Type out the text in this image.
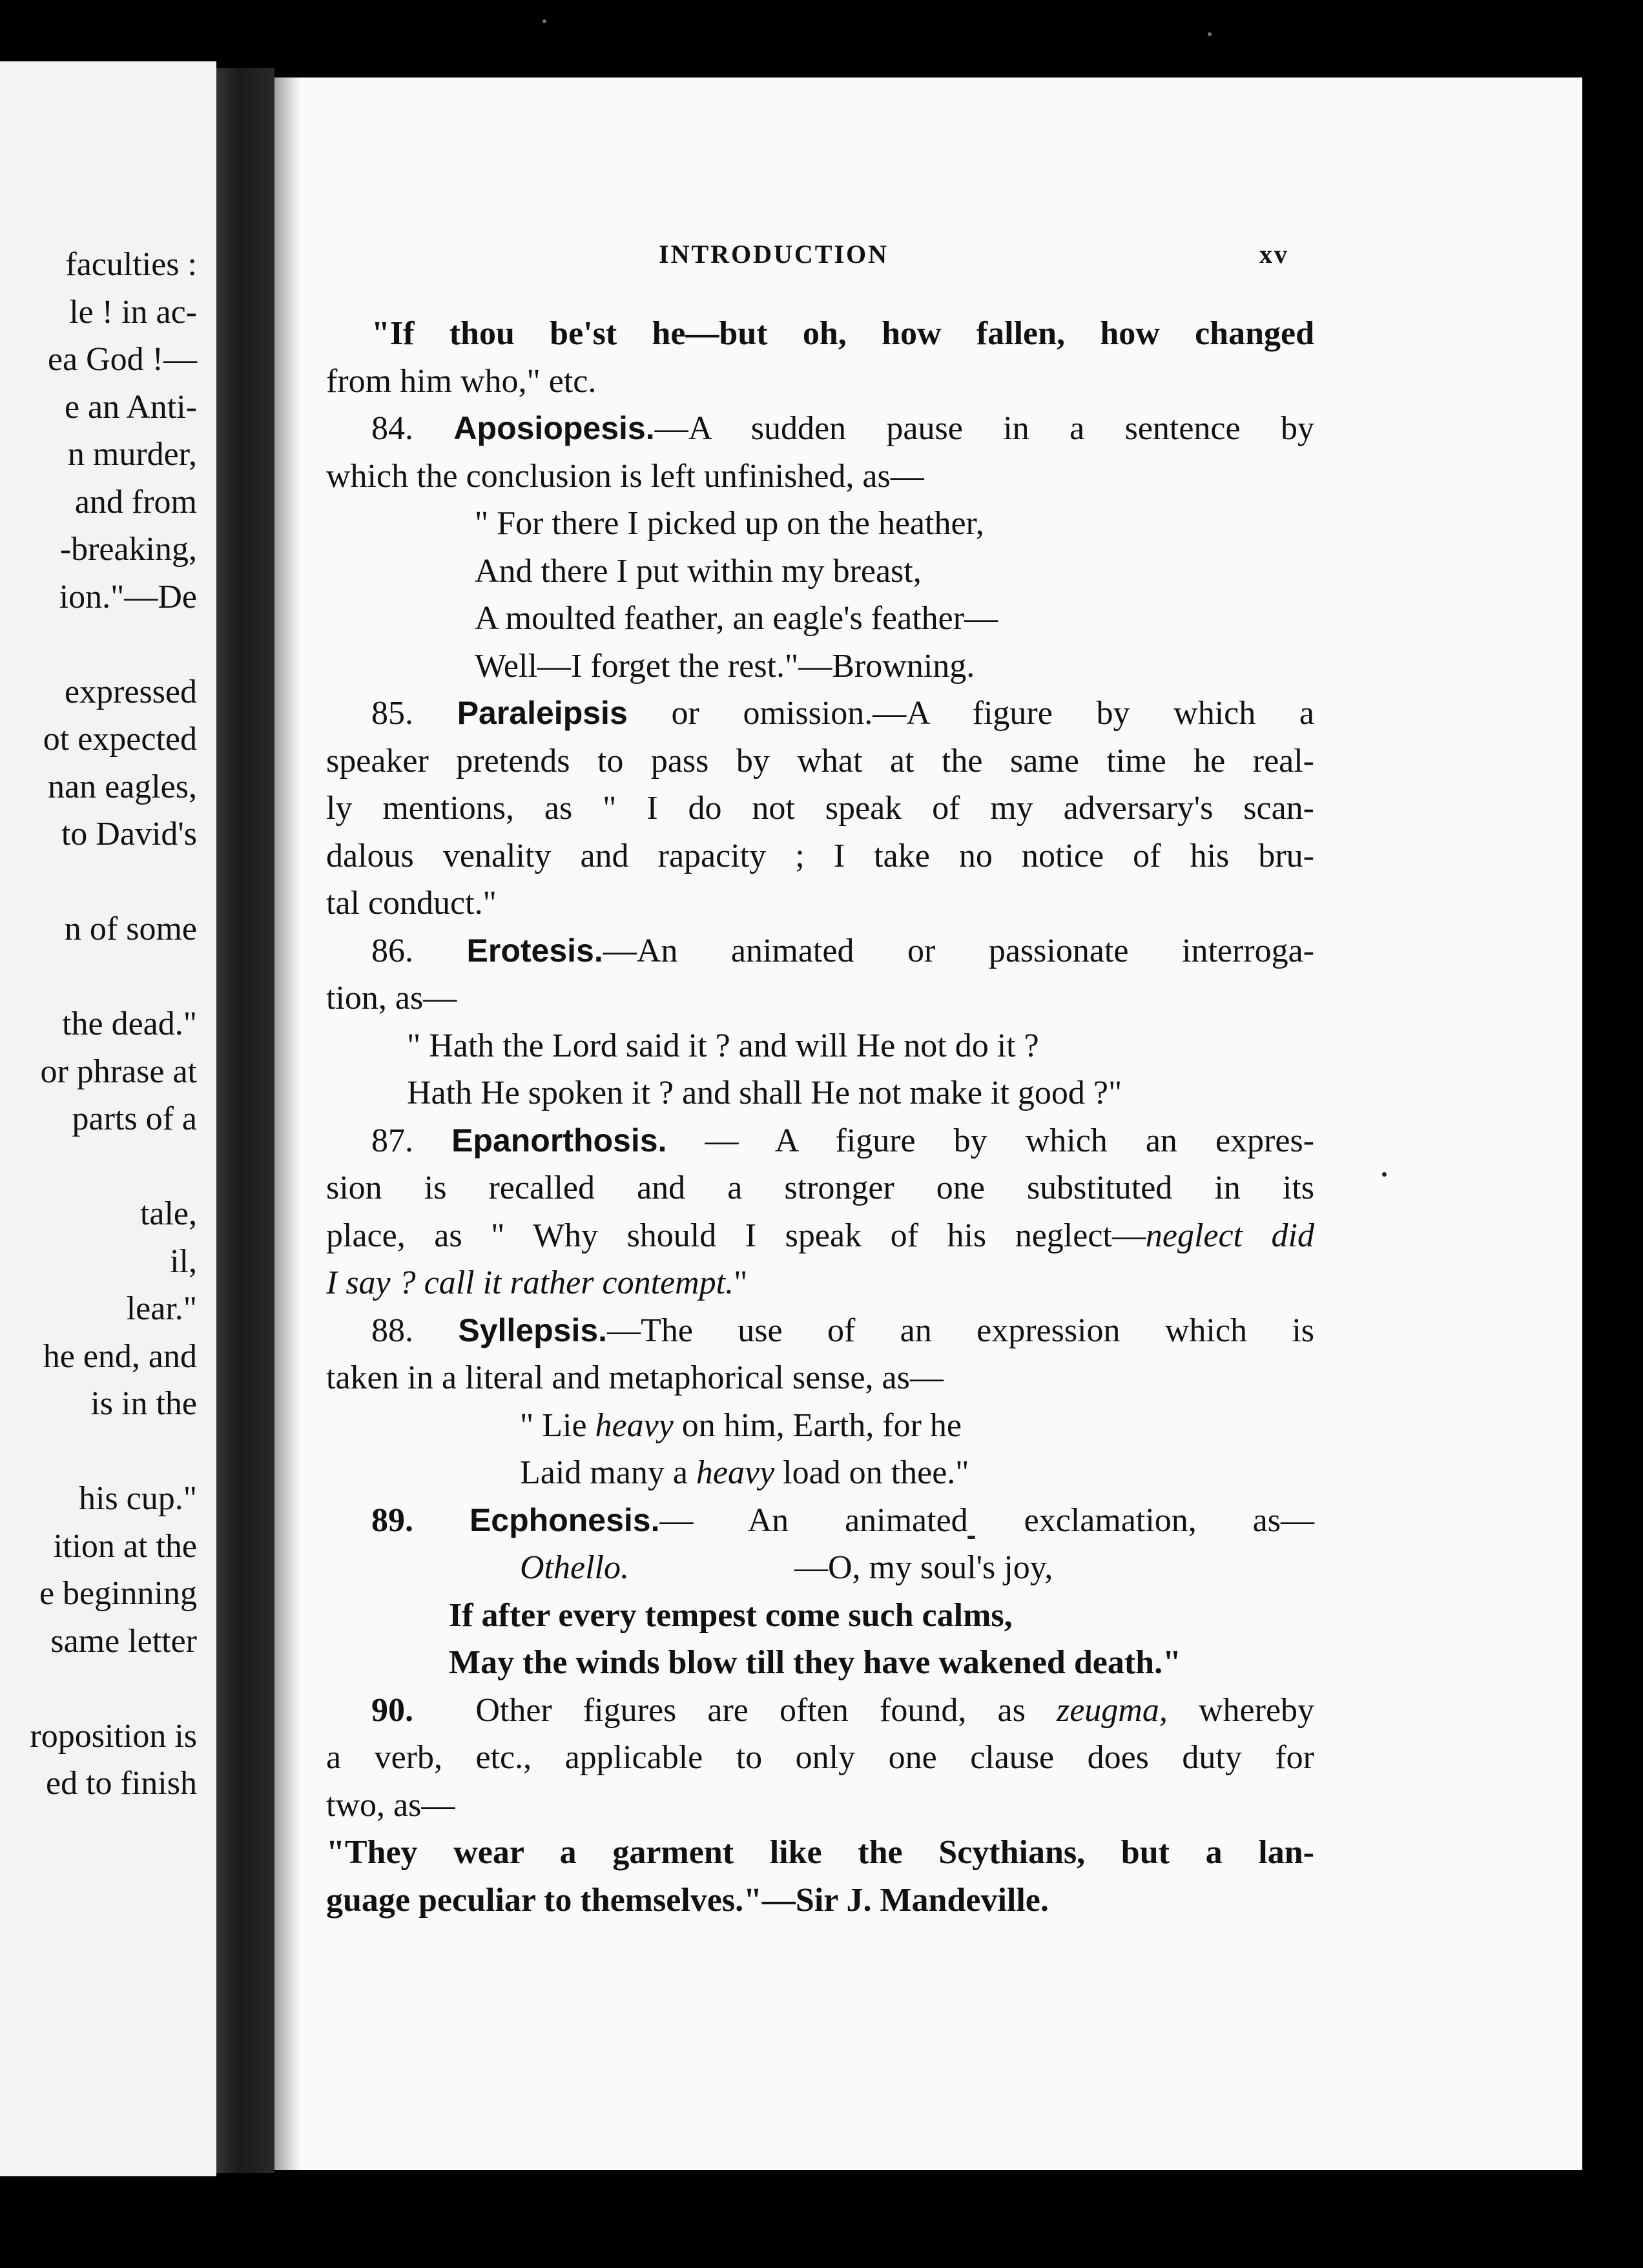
faculties :
le ! in ac-
ea God !—
e an Anti-
n murder,
and from
-breaking,
ion."—De
expressed
ot expected
nan eagles,
to David's
n of some
the dead."
or phrase at
parts of a
tale,
il,
lear."
he end, and
is in the
his cup."
ition at the
e beginning
same letter
roposition is
ed to finish
INTRODUCTION	xv
"If thou be'st he—but oh, how fallen, how changed
from him who," etc.
84. Aposiopesis.—A sudden pause in a sentence by
which the conclusion is left unfinished, as—
" For there I picked up on the heather,
And there I put within my breast,
A moulted feather, an eagle's feather—
Well—I forget the rest."—Browning.
85. Paraleipsis or omission.—A figure by which a
speaker pretends to pass by what at the same time he real-
ly mentions, as " I do not speak of my adversary's scan-
dalous venality and rapacity ; I take no notice of his bru-
tal conduct."
86. Erotesis.—An animated or passionate interroga-
tion, as—
" Hath the Lord said it ? and will He not do it ?
Hath He spoken it ? and shall He not make it good ?"
87. Epanorthosis. — A figure by which an expres-
sion is recalled and a stronger one substituted in its
place, as " Why should I speak of his neglect—neglect did
I say ? call it rather contempt."
88. Syllepsis.—The use of an expression which is
taken in a literal and metaphorical sense, as—
" Lie heavy on him, Earth, for he
Laid many a heavy load on thee."
89. Ecphonesis.— An animated exclamation, as—
Othello.	—O, my soul's joy,
If after every tempest come such calms,
May the winds blow till they have wakened death."
90. Other figures are often found, as zeugma, whereby
a verb, etc., applicable to only one clause does duty for
two, as—
"They wear a garment like the Scythians, but a lan-
guage peculiar to themselves."—Sir J. Mandeville.
